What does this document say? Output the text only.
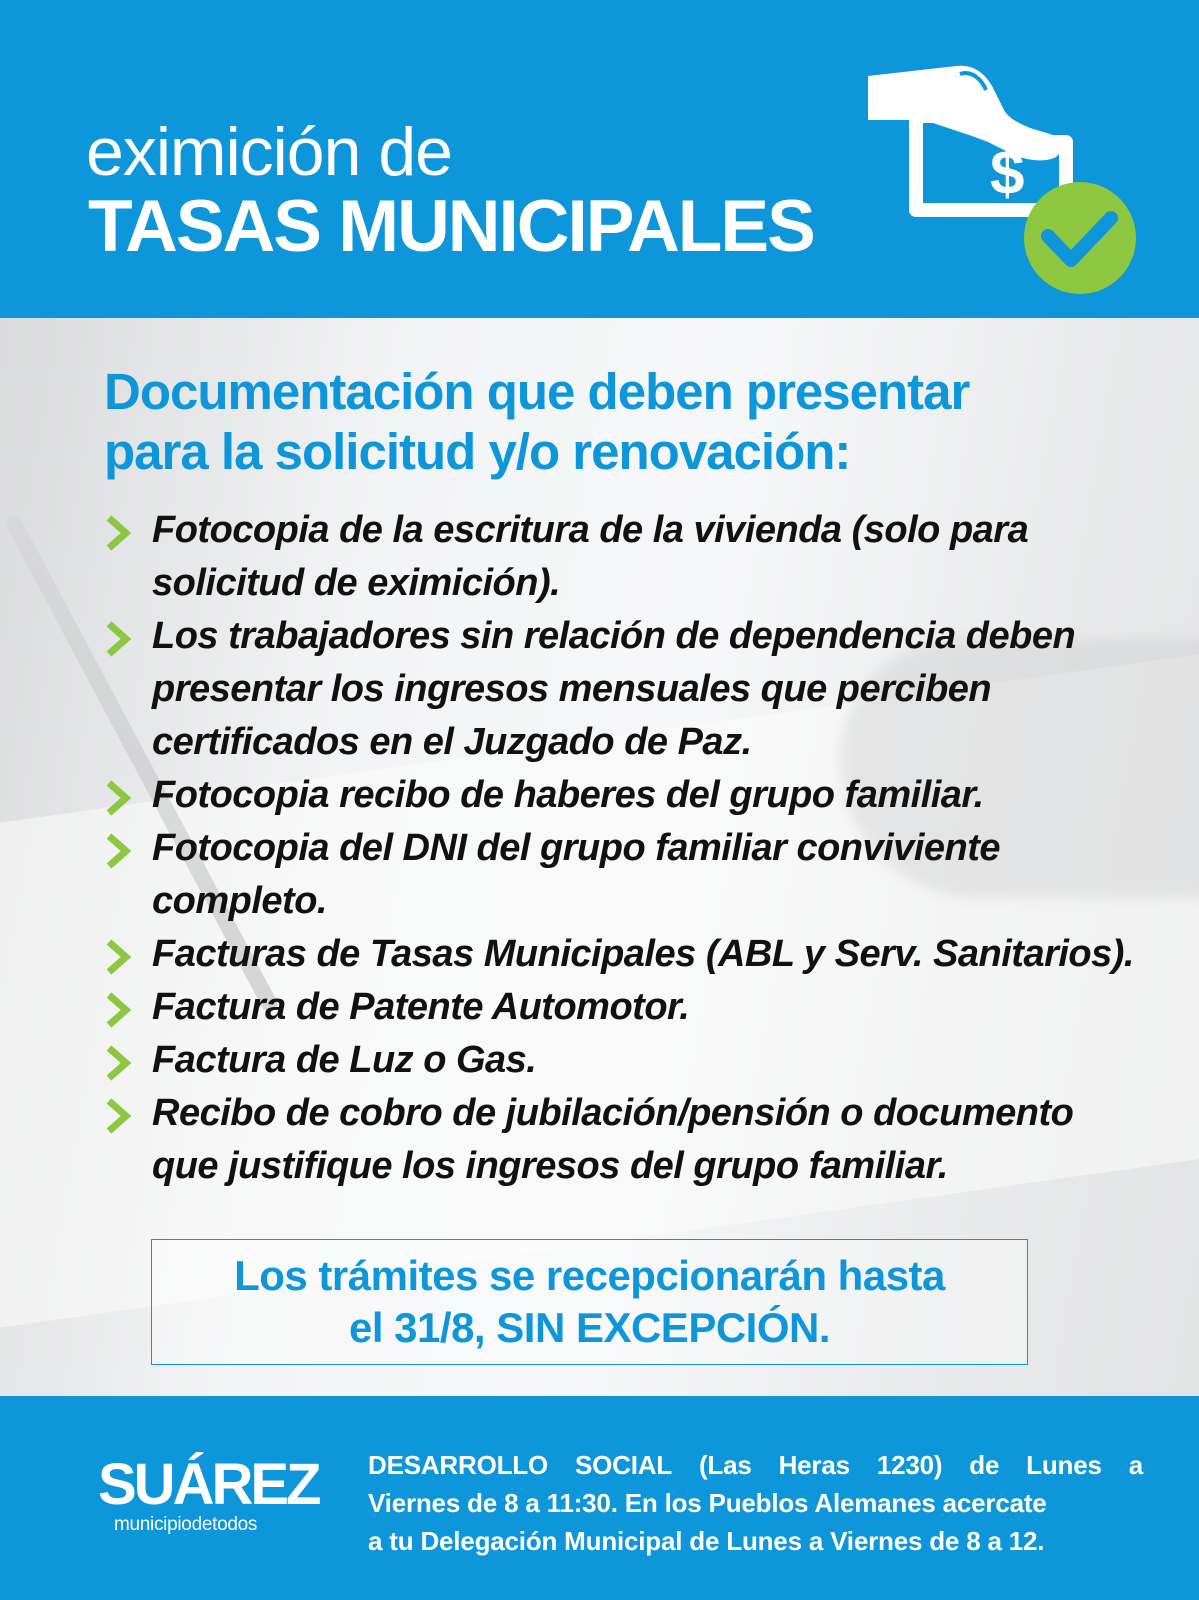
eximición de
TASAS MUNICIPALES
$
Documentación que deben presentar
para la solicitud y/o renovación:
Fotocopia de la escritura de la vivienda (solo para
solicitud de eximición).
Los trabajadores sin relación de dependencia deben
presentar los ingresos mensuales que perciben
certificados en el Juzgado de Paz.
Fotocopia recibo de haberes del grupo familiar.
Fotocopia del DNI del grupo familiar conviviente
completo.
Facturas de Tasas Municipales (ABL y Serv. Sanitarios).
Factura de Patente Automotor.
Factura de Luz o Gas.
Recibo de cobro de jubilación/pensión o documento
que justifique los ingresos del grupo familiar.
Los trámites se recepcionarán hasta
el 31/8, SIN EXCEPCIÓN.
SUÁREZ
municipiodetodos
DESARROLLO SOCIAL (Las Heras 1230) de Lunes a
Viernes de 8 a 11:30. En los Pueblos Alemanes acercate
a tu Delegación Municipal de Lunes a Viernes de 8 a 12.
